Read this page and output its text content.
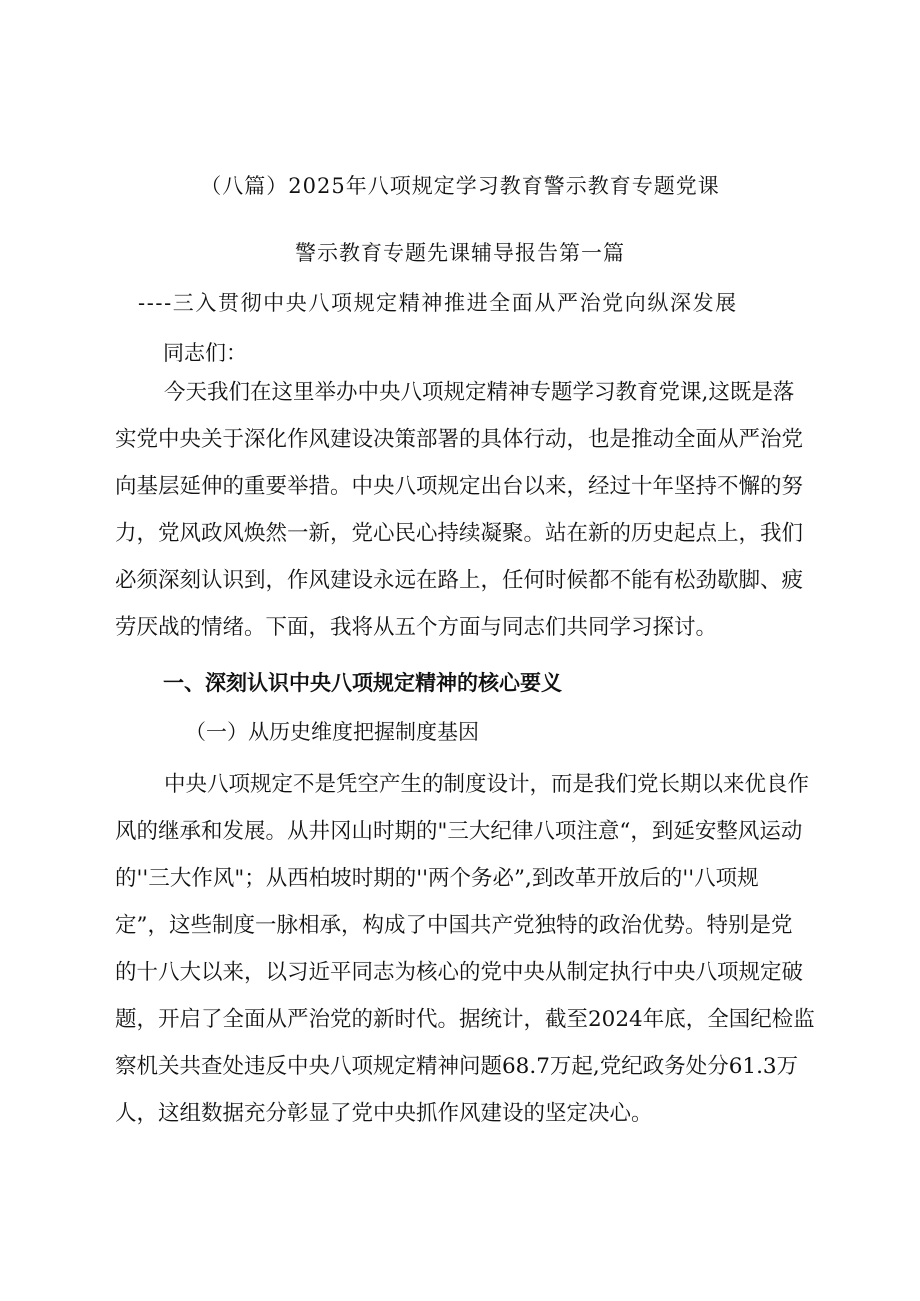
（八篇）2025年八项规定学习教育警示教育专题党课
警示教育专题先课辅导报告第一篇
----三入贯彻中央八项规定精神推进全面从严治党向纵深发展
同志们：
今天我们在这里举办中央八项规定精神专题学习教育党课,这既是落
实党中央关于深化作风建设决策部署的具体行动，也是推动全面从严治党
向基层延伸的重要举措。中央八项规定出台以来，经过十年坚持不懈的努
力，党风政风焕然一新，党心民心持续凝聚。站在新的历史起点上，我们
必须深刻认识到，作风建设永远在路上，任何时候都不能有松劲歇脚、疲
劳厌战的情绪。下面，我将从五个方面与同志们共同学习探讨。
一、深刻认识中央八项规定精神的核心要义
（一）从历史维度把握制度基因
中央八项规定不是凭空产生的制度设计，而是我们党长期以来优良作
风的继承和发展。从井冈山时期的"三大纪律八项注意“，到延安整风运动
的''三大作风"；从西柏坡时期的''两个务必”,到改革开放后的''八项规
定”，这些制度一脉相承，构成了中国共产党独特的政治优势。特别是党
的十八大以来，以习近平同志为核心的党中央从制定执行中央八项规定破
题，开启了全面从严治党的新时代。据统计，截至2024年底，全国纪检监
察机关共查处违反中央八项规定精神问题68.7万起,党纪政务处分61.3万
人，这组数据充分彰显了党中央抓作风建设的坚定决心。
